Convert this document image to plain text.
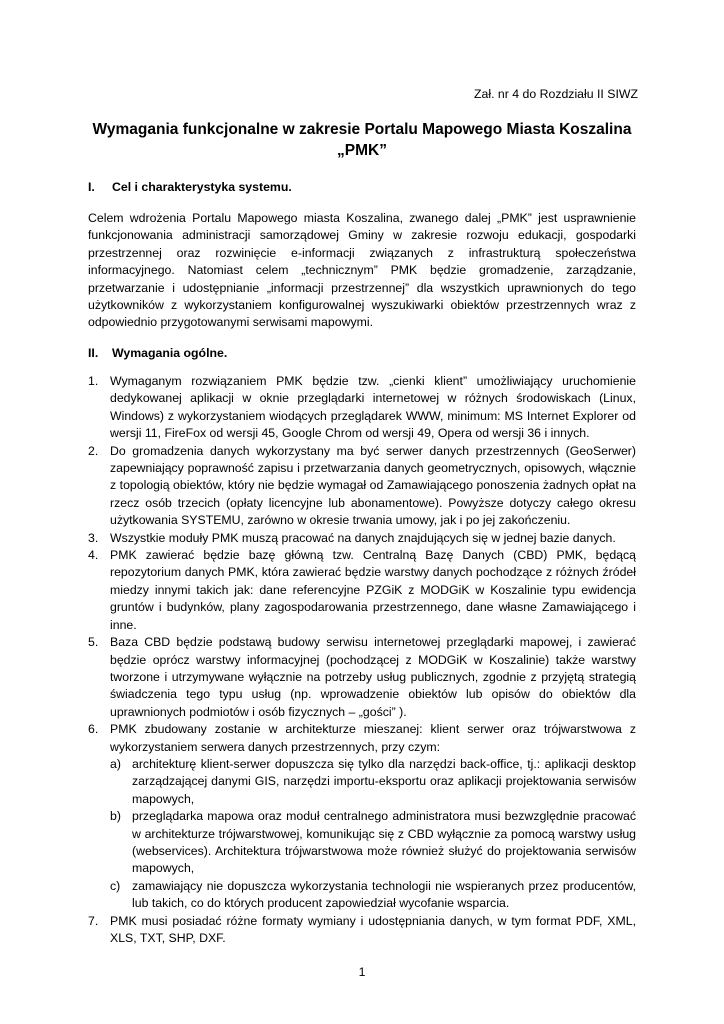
Zał. nr 4 do Rozdziału II SIWZ
Wymagania funkcjonalne w zakresie Portalu Mapowego Miasta Koszalina
„PMK”
I. Cel i charakterystyka systemu.
Celem wdrożenia Portalu Mapowego miasta Koszalina, zwanego dalej „PMK” jest usprawnienie funkcjonowania administracji samorządowej Gminy w zakresie rozwoju edukacji, gospodarki przestrzennej oraz rozwinięcie e-informacji związanych z infrastrukturą społeczeństwa informacyjnego. Natomiast celem „technicznym” PMK będzie gromadzenie, zarządzanie, przetwarzanie i udostępnianie „informacji przestrzennej” dla wszystkich uprawnionych do tego użytkowników z wykorzystaniem konfigurowalnej wyszukiwarki obiektów przestrzennych wraz z odpowiednio przygotowanymi serwisami mapowymi.
II. Wymagania ogólne.
1. Wymaganym rozwiązaniem PMK będzie tzw. „cienki klient” umożliwiający uruchomienie dedykowanej aplikacji w oknie przeglądarki internetowej w różnych środowiskach (Linux, Windows) z wykorzystaniem wiodących przeglądarek WWW, minimum: MS Internet Explorer od wersji 11, FireFox od wersji 45, Google Chrom od wersji 49, Opera od wersji 36 i innych.
2. Do gromadzenia danych wykorzystany ma być serwer danych przestrzennych (GeoSerwer) zapewniający poprawność zapisu i przetwarzania danych geometrycznych, opisowych, włącznie z topologią obiektów, który nie będzie wymagał od Zamawiającego ponoszenia żadnych opłat na rzecz osób trzecich (opłaty licencyjne lub abonamentowe). Powyższe dotyczy całego okresu użytkowania SYSTEMU, zarówno w okresie trwania umowy, jak i po jej zakończeniu.
3. Wszystkie moduły PMK muszą pracować na danych znajdujących się w jednej bazie danych.
4. PMK zawierać będzie bazę główną tzw. Centralną Bazę Danych (CBD) PMK, będącą repozytorium danych PMK, która zawierać będzie warstwy danych pochodzące z różnych źródeł miedzy innymi takich jak: dane referencyjne PZGiK z MODGiK w Koszalinie typu ewidencja gruntów i budynków, plany zagospodarowania przestrzennego, dane własne Zamawiającego i inne.
5. Baza CBD będzie podstawą budowy serwisu internetowej przeglądarki mapowej, i zawierać będzie oprócz warstwy informacyjnej (pochodzącej z MODGiK w Koszalinie) także warstwy tworzone i utrzymywane wyłącznie na potrzeby usług publicznych, zgodnie z przyjętą strategią świadczenia tego typu usług (np. wprowadzenie obiektów lub opisów do obiektów dla uprawnionych podmiotów i osób fizycznych – „gości” ).
6. PMK zbudowany zostanie w architekturze mieszanej: klient serwer oraz trójwarstwowa z wykorzystaniem serwera danych przestrzennych, przy czym:
a) architekturę klient-serwer dopuszcza się tylko dla narzędzi back-office, tj.: aplikacji desktop zarządzającej danymi GIS, narzędzi importu-eksportu oraz aplikacji projektowania serwisów mapowych,
b) przeglądarka mapowa oraz moduł centralnego administratora musi bezwzględnie pracować w architekturze trójwarstwowej, komunikując się z CBD wyłącznie za pomocą warstwy usług (webservices). Architektura trójwarstwowa może również służyć do projektowania serwisów mapowych,
c) zamawiający nie dopuszcza wykorzystania technologii nie wspieranych przez producentów, lub takich, co do których producent zapowiedział wycofanie wsparcia.
7. PMK musi posiadać różne formaty wymiany i udostępniania danych, w tym format PDF, XML, XLS, TXT, SHP, DXF.
1
